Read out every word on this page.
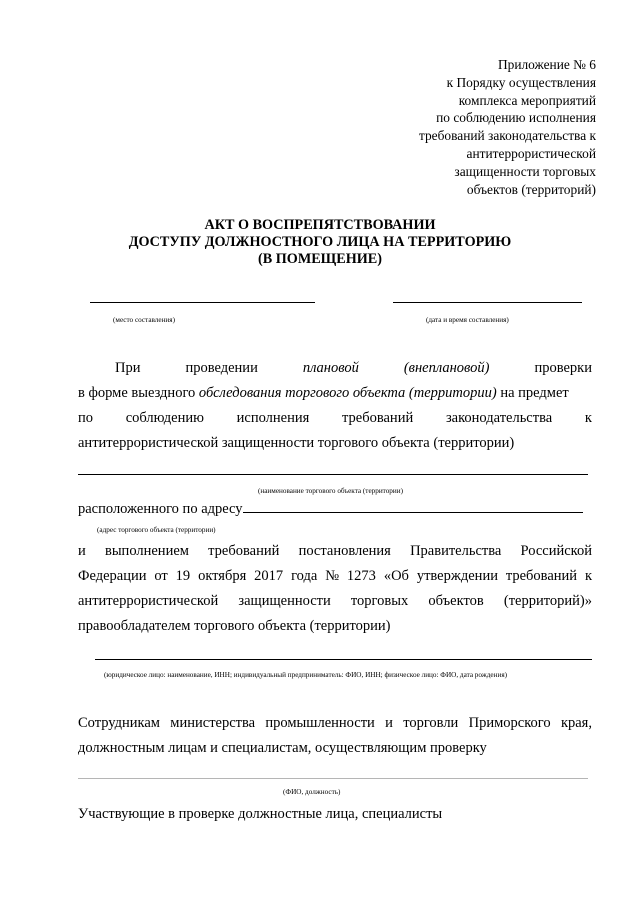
Приложение № 6
к Порядку осуществления
комплекса мероприятий
по соблюдению исполнения
требований законодательства к
антитеррористической
защищенности торговых
объектов (территорий)
АКТ О ВОСПРЕПЯТСТВОВАНИИ
ДОСТУПУ ДОЛЖНОСТНОГО ЛИЦА НА ТЕРРИТОРИЮ
(В ПОМЕЩЕНИЕ)
(место составления)	(дата и время составления)
При	проведении	плановой	(внеплановой)	проверки
в форме выездного обследования торгового объекта (территории) на предмет
по соблюдению исполнения требований законодательства к
антитеррористической защищенности торгового объекта (территории)
(наименование торгового объекта (территории)
расположенного по адресу
(адрес торгового объекта (территории)
и выполнением требований постановления Правительства Российской
Федерации от 19 октября 2017 года № 1273 «Об утверждении требований к
антитеррористической защищенности торговых объектов (территорий)»
правообладателем торгового объекта (территории)
(юридическое лицо: наименование, ИНН; индивидуальный предприниматель: ФИО, ИНН; физическое лицо: ФИО, дата рождения)
Сотрудникам министерства промышленности и торговли Приморского края,
должностным лицам и специалистам, осуществляющим проверку
(ФИО, должность)
Участвующие в проверке должностные лица, специалисты
